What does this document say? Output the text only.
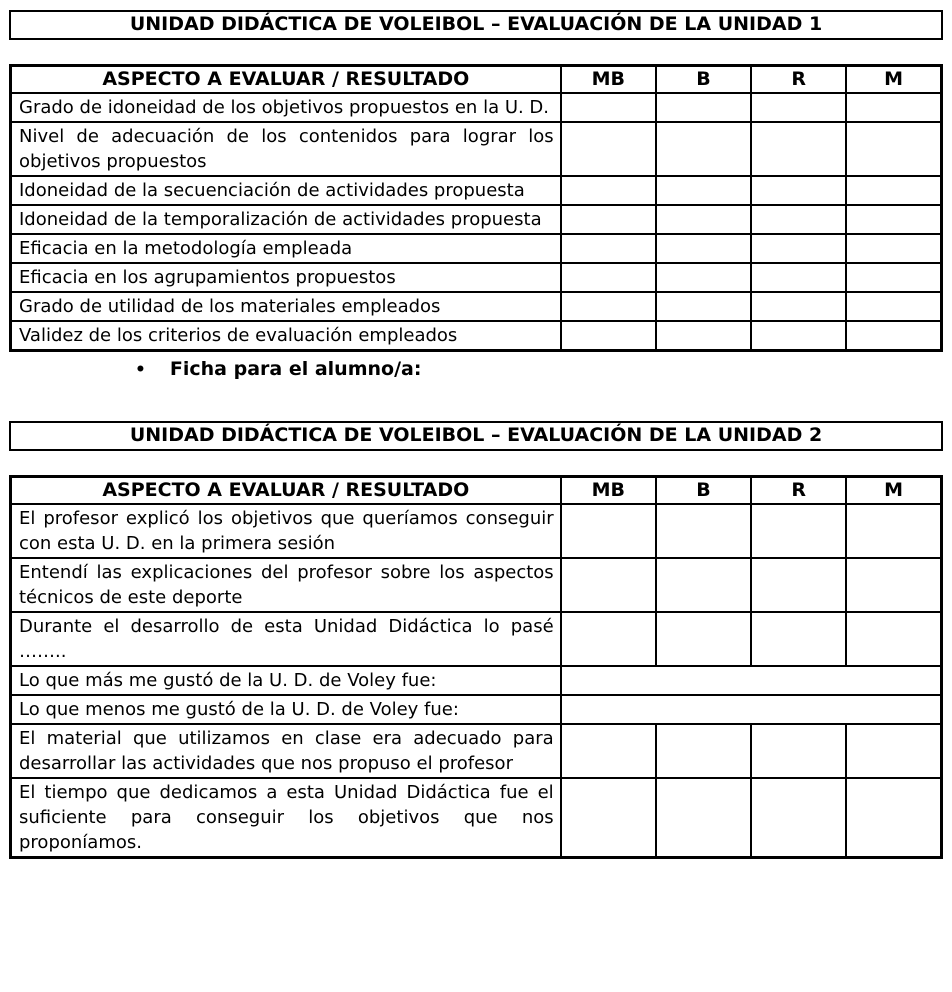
UNIDAD DIDÁCTICA DE VOLEIBOL – EVALUACIÓN DE LA UNIDAD 1
ASPECTO A EVALUAR / RESULTADO	MB	B	R	M
Grado de idoneidad de los objetivos propuestos en la U. D.				
Nivel de adecuación de los contenidos para lograr los objetivos propuestos				
Idoneidad de la secuenciación de actividades propuesta				
Idoneidad de la temporalización de actividades propuesta				
Eficacia en la metodología empleada				
Eficacia en los agrupamientos propuestos				
Grado de utilidad de los materiales empleados				
Validez de los criterios de evaluación empleados				
• Ficha para el alumno/a:
UNIDAD DIDÁCTICA DE VOLEIBOL – EVALUACIÓN DE LA UNIDAD 2
ASPECTO A EVALUAR / RESULTADO	MB	B	R	M
El profesor explicó los objetivos que queríamos conseguir con esta U. D. en la primera sesión				
Entendí las explicaciones del profesor sobre los aspectos técnicos de este deporte				
Durante el desarrollo de esta Unidad Didáctica lo pasé ……..				
Lo que más me gustó de la U. D. de Voley fue:				
Lo que menos me gustó de la U. D. de Voley fue:				
El material que utilizamos en clase era adecuado para desarrollar las actividades que nos propuso el profesor				
El tiempo que dedicamos a esta Unidad Didáctica fue el suficiente para conseguir los objetivos que nos proponíamos.				
